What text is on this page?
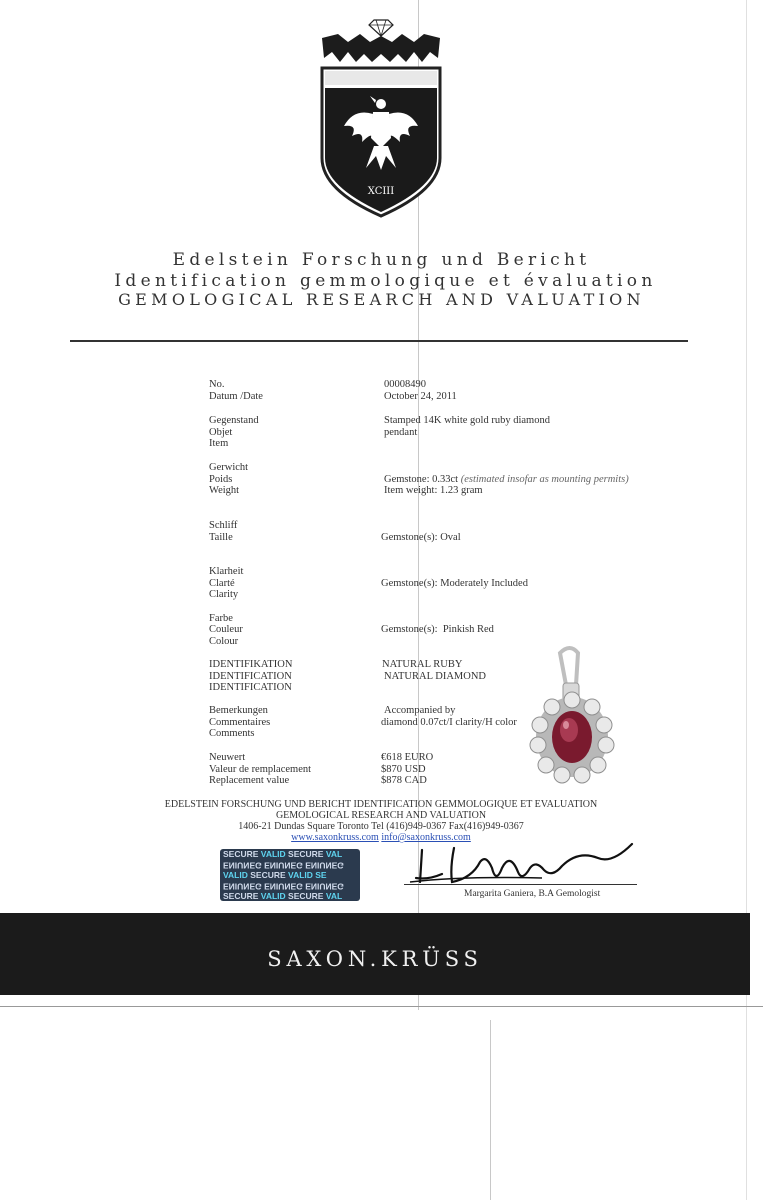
XCIII
Edelstein Forschung und Bericht
Identification gemmologique et évaluation
GEMOLOGICAL RESEARCH AND VALUATION
No.
Datum /Date
00008490
October 24, 2011
Gegenstand
Objet
Item
Stamped 14K white gold ruby diamond
pendant
Gerwicht
Poids
Weight
Gemstone: 0.33ct (estimated insofar as mounting permits)
Item weight: 1.23 gram
Schliff
Taille	Gemstone(s): Oval
Klarheit
Clarté
Clarity
Gemstone(s): Moderately Included
Farbe
Couleur
Colour
Gemstone(s):  Pinkish Red
IDENTIFIKATION
IDENTIFICATION
IDENTIFICATION
NATURAL RUBY
NATURAL DIAMOND
Bemerkungen
Commentaires
Comments
Accompanied by
diamond 0.07ct/I clarity/H color
Neuwert
Valeur de remplacement
Replacement value
€618 EURO
$870 USD
$878 CAD
EDELSTEIN FORSCHUNG UND BERICHT IDENTIFICATION GEMMOLOGIQUE ET EVALUATION
GEMOLOGICAL RESEARCH AND VALUATION
1406-21 Dundas Square Toronto Tel (416)949-0367 Fax(416)949-0367
www.saxonkruss.com info@saxonkruss.com
SECURE VALID SECURE VAL
ENIUNEG ENIUNEG ENIUNEG
VALID SECURE VALID SE
ENIUNEG ENIUNEG ENIUNEG
SECURE VALID SECURE VAL	Margarita Ganiera, B.A Gemologist
SAXON.KRÜSS
